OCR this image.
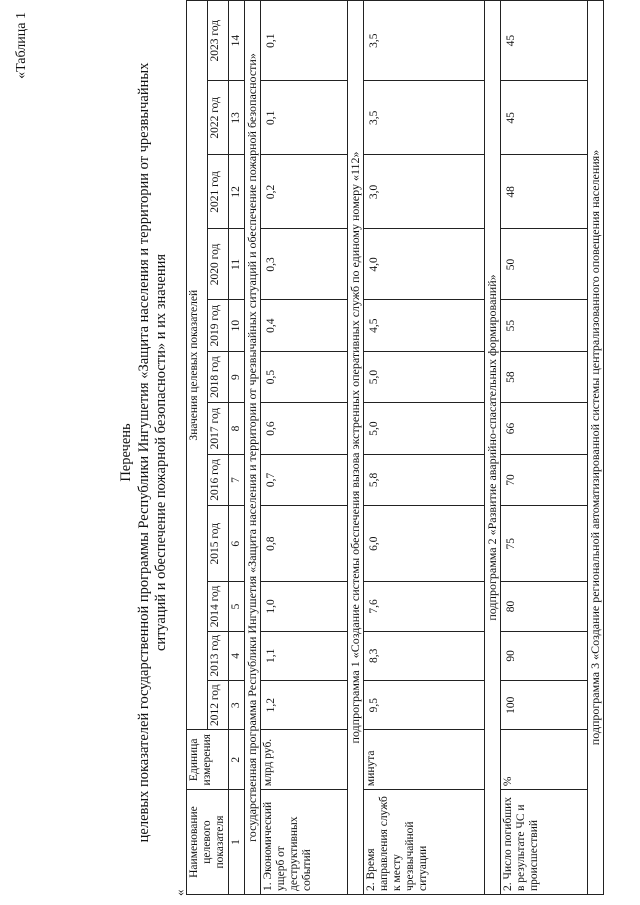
«Таблица 1
Перечень целевых показателей государственной программы Республики Ингушетия «Защита населения и территории от чрезвычайных ситуаций и обеспечение пожарной безопасности» и их значения
«
Наименование целевого показателя	Единица измерения	Значения целевых показателей											
		2012 год	2013 год	2014 год	2015 год	2016 год	2017 год	2018 год	2019 год	2020 год	2021 год	2022 год	2023 год
1	2	3	4	5	6	7	8	9	10	11	12	13	14
государственная программа Республики Ингушетия «Защита населения и территории от чрезвычайных ситуаций и обеспечение пожарной безопасности»													
1. Экономический ущерб от деструктивных событий	млрд руб.	1,2	1,1	1,0	0,8	0,7	0,6	0,5	0,4	0,3	0,2	0,1	0,1
подпрограмма 1 «Создание системы обеспечения вызова экстренных оперативных служб по единому номеру «112»													
2. Время направления служб к месту чрезвычайной ситуации	минута	9,5	8,3	7,6	6,0	5,8	5,0	5,0	4,5	4,0	3,0	3,5	3,5
подпрограмма 2 «Развитие аварийно-спасательных формирований»													
2. Число погибших в результате ЧС и происшествий	%	100	90	80	75	70	66	58	55	50	48	45	45
подпрограмма 3 «Создание региональной автоматизированной системы централизованного оповещения населения»													
